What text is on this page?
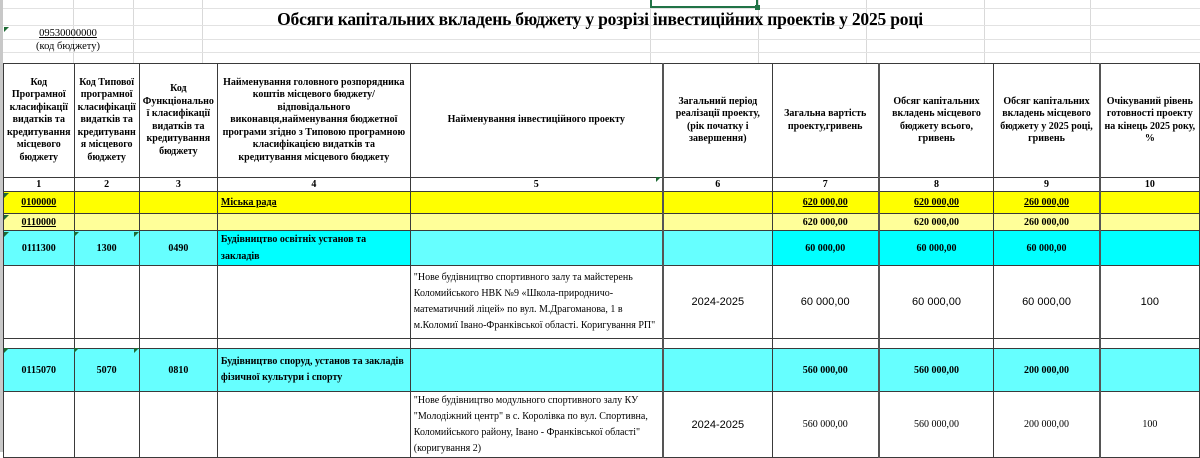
Обсяги капітальних вкладень бюджету у розрізі інвестиційних проектів у 2025 році
09530000000
(код бюджету)
Код Програмної класифікації видатків та кредитування місцевого бюджету	Код Типової програмної класифікації видатків та кредитуванн я місцевого бюджету	Код Функціонально ї класифікації видатків та кредитування бюджету	Найменування головного розпорядника коштів місцевого бюджету/відповідального виконавця,найменування бюджетної програми згідно з Типовою програмною класифікацією видатків та кредитування місцевого бюджету	Найменування інвестиційного проекту	Загальний період реалізації проекту, (рік початку і завершення)	Загальна вартість проекту,гривень	Обсяг капітальних вкладень місцевого бюджету всього, гривень	Обсяг капітальних вкладень місцевого бюджету у 2025 році, гривень	Очікуваний рівень готовності проекту на кінець 2025 року, %
1	2	3	4	5	6	7	8	9	10
0100000			Міська рада			620 000,00	620 000,00	260 000,00	
0110000						620 000,00	620 000,00	260 000,00	
0111300	1300	0490	Будівництво освітніх установ та закладів			60 000,00	60 000,00	60 000,00	
				"Нове будівництво спортивного залу та майстерень Коломийського НВК №9 «Школа-природничо-математичний ліцей» по вул. М.Драгоманова, 1 в м.Коломиї Івано-Франківської області. Коригування РП"	2024-2025	60 000,00	60 000,00	60 000,00	100

0115070	5070	0810	Будівництво споруд, установ та закладів фізичної культури і спорту			560 000,00	560 000,00	200 000,00	
				"Нове будівництво модульного спортивного залу КУ "Молодіжний центр" в с. Королівка по вул. Спортивна, Коломийського району, Івано - Франківської області" (коригування 2)	2024-2025	560 000,00	560 000,00	200 000,00	100
